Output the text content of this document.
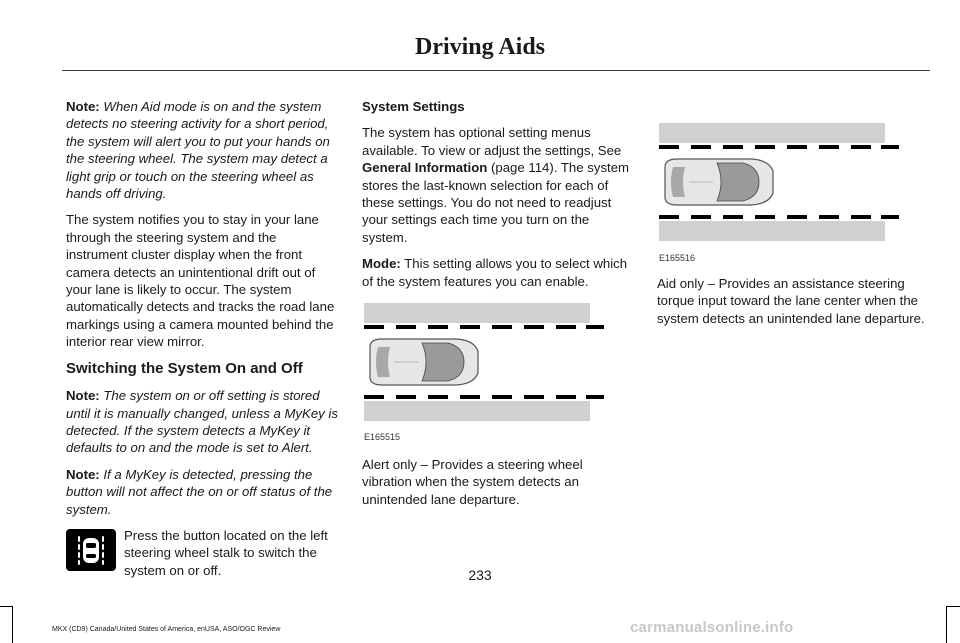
Driving Aids

Note: When Aid mode is on and the system detects no steering activity for a short period, the system will alert you to put your hands on the steering wheel. The system may detect a light grip or touch on the steering wheel as hands off driving.

The system notifies you to stay in your lane through the steering system and the instrument cluster display when the front camera detects an unintentional drift out of your lane is likely to occur. The system automatically detects and tracks the road lane markings using a camera mounted behind the interior rear view mirror.

Switching the System On and Off

Note: The system on or off setting is stored until it is manually changed, unless a MyKey is detected. If the system detects a MyKey it defaults to on and the mode is set to Alert.

Note: If a MyKey is detected, pressing the button will not affect the on or off status of the system.

Press the button located on the left steering wheel stalk to switch the system on or off.

System Settings

The system has optional setting menus available. To view or adjust the settings, See General Information (page 114). The system stores the last-known selection for each of these settings. You do not need to readjust your settings each time you turn on the system.

Mode: This setting allows you to select which of the system features you can enable.

E165515

Alert only – Provides a steering wheel vibration when the system detects an unintended lane departure.

E165516

Aid only – Provides an assistance steering torque input toward the lane center when the system detects an unintended lane departure.

233
MKX (CD9) Canada/United States of America, enUSA, ASO/OGC Review	carmanualsonline.info
